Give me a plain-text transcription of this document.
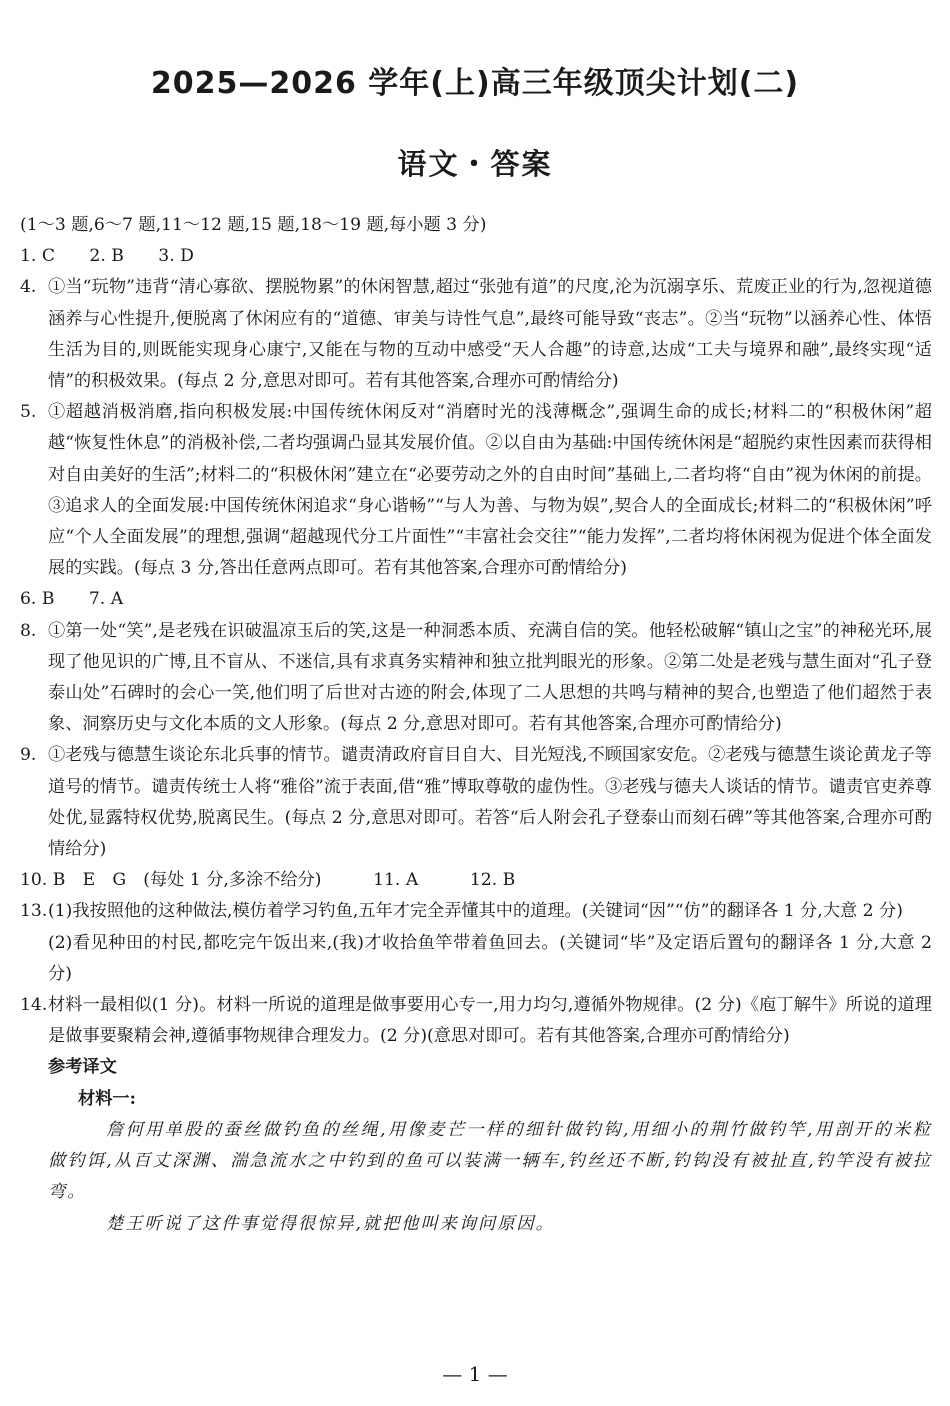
2025—2026 学年(上)高三年级顶尖计划(二)
语文・答案

(1～3 题,6～7 题,11～12 题,15 题,18～19 题,每小题 3 分)

1. C　　2. B　　3. D

4. ①当“玩物”违背“清心寡欲、摆脱物累”的休闲智慧,超过“张弛有道”的尺度,沦为沉溺享乐、荒废正业的行为,忽视道德涵养与心性提升,便脱离了休闲应有的“道德、审美与诗性气息”,最终可能导致“丧志”。②当“玩物”以涵养心性、体悟生活为目的,则既能实现身心康宁,又能在与物的互动中感受“天人合趣”的诗意,达成“工夫与境界和融”,最终实现“适情”的积极效果。(每点 2 分,意思对即可。若有其他答案,合理亦可酌情给分)
5. ①超越消极消磨,指向积极发展:中国传统休闲反对“消磨时光的浅薄概念”,强调生命的成长;材料二的“积极休闲”超越“恢复性休息”的消极补偿,二者均强调凸显其发展价值。②以自由为基础:中国传统休闲是“超脱约束性因素而获得相对自由美好的生活”;材料二的“积极休闲”建立在“必要劳动之外的自由时间”基础上,二者均将“自由”视为休闲的前提。③追求人的全面发展:中国传统休闲追求“身心谐畅”“与人为善、与物为娱”,契合人的全面成长;材料二的“积极休闲”呼应“个人全面发展”的理想,强调“超越现代分工片面性”“丰富社会交往”“能力发挥”,二者均将休闲视为促进个体全面发展的实践。(每点 3 分,答出任意两点即可。若有其他答案,合理亦可酌情给分)

6. B　　7. A

8. ①第一处“笑”,是老残在识破温凉玉后的笑,这是一种洞悉本质、充满自信的笑。他轻松破解“镇山之宝”的神秘光环,展现了他见识的广博,且不盲从、不迷信,具有求真务实精神和独立批判眼光的形象。②第二处是老残与慧生面对“孔子登泰山处”石碑时的会心一笑,他们明了后世对古迹的附会,体现了二人思想的共鸣与精神的契合,也塑造了他们超然于表象、洞察历史与文化本质的文人形象。(每点 2 分,意思对即可。若有其他答案,合理亦可酌情给分)
9. ①老残与德慧生谈论东北兵事的情节。谴责清政府盲目自大、目光短浅,不顾国家安危。②老残与德慧生谈论黄龙子等道号的情节。谴责传统士人将“雅俗”流于表面,借“雅”博取尊敬的虚伪性。③老残与德夫人谈话的情节。谴责官吏养尊处优,显露特权优势,脱离民生。(每点 2 分,意思对即可。若答“后人附会孔子登泰山而刻石碑”等其他答案,合理亦可酌情给分)

10. B　E　G　(每处 1 分,多涂不给分)　　　11. A　　　12. B

13. (1)我按照他的这种做法,模仿着学习钓鱼,五年才完全弄懂其中的道理。(关键词“因”“仿”的翻译各 1 分,大意 2 分)
(2)看见种田的村民,都吃完午饭出来,(我)才收拾鱼竿带着鱼回去。(关键词“毕”及定语后置句的翻译各 1 分,大意 2 分)
14. 材料一最相似(1 分)。材料一所说的道理是做事要用心专一,用力均匀,遵循外物规律。(2 分)《庖丁解牛》所说的道理是做事要聚精会神,遵循事物规律合理发力。(2 分)(意思对即可。若有其他答案,合理亦可酌情给分)

参考译文

材料一:

詹何用单股的蚕丝做钓鱼的丝绳,用像麦芒一样的细针做钓钩,用细小的荆竹做钓竿,用剖开的米粒做钓饵,从百丈深渊、湍急流水之中钓到的鱼可以装满一辆车,钓丝还不断,钓钩没有被扯直,钓竿没有被拉弯。

楚王听说了这件事觉得很惊异,就把他叫来询问原因。

— 1 —
